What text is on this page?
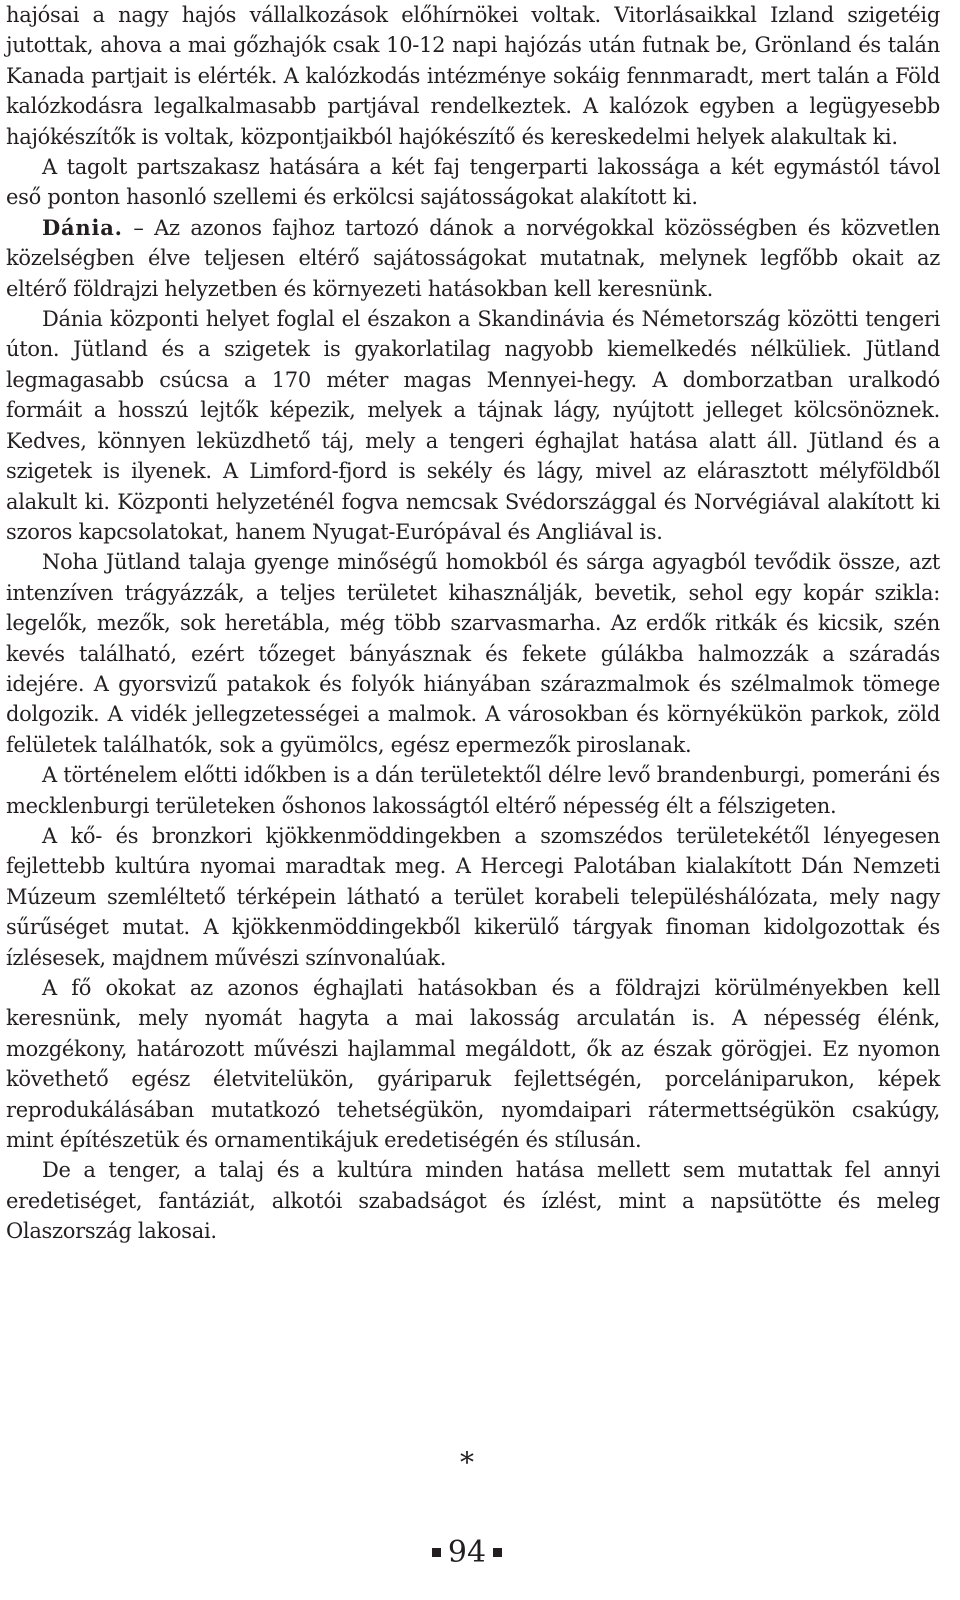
hajósai a nagy hajós vállalkozások előhírnökei voltak. Vitorlásaikkal Izland szigetéig jutottak, ahova a mai gőzhajók csak 10-12 napi hajózás után futnak be, Grönland és talán Kanada partjait is elérték. A kalózkodás intézménye sokáig fennmaradt, mert talán a Föld kalózkodásra legalkalmasabb partjával rendelkeztek. A kalózok egyben a legügyesebb hajókészítők is voltak, központjaikból hajókészítő és kereskedelmi helyek alakultak ki.

A tagolt partszakasz hatására a két faj tengerparti lakossága a két egymástól távol eső ponton hasonló szellemi és erkölcsi sajátosságokat alakított ki.

Dánia. – Az azonos fajhoz tartozó dánok a norvégokkal közösségben és közvetlen közelségben élve teljesen eltérő sajátosságokat mutatnak, melynek legfőbb okait az eltérő földrajzi helyzetben és környezeti hatásokban kell keresnünk.

Dánia központi helyet foglal el északon a Skandinávia és Németország közötti tengeri úton. Jütland és a szigetek is gyakorlatilag nagyobb kiemelkedés nélküliek. Jütland legmagasabb csúcsa a 170 méter magas Mennyei-hegy. A domborzatban uralkodó formáit a hosszú lejtők képezik, melyek a tájnak lágy, nyújtott jelleget kölcsönöznek. Kedves, könnyen leküzdhető táj, mely a tengeri éghajlat hatása alatt áll. Jütland és a szigetek is ilyenek. A Limford-fjord is sekély és lágy, mivel az elárasztott mélyföldből alakult ki. Központi helyzeténél fogva nemcsak Svédországgal és Norvégiával alakított ki szoros kapcsolatokat, hanem Nyugat-Európával és Angliával is.

Noha Jütland talaja gyenge minőségű homokból és sárga agyagból tevődik össze, azt intenzíven trágyázzák, a teljes területet kihasználják, bevetik, sehol egy kopár szikla: legelők, mezők, sok heretábla, még több szarvasmarha. Az erdők ritkák és kicsik, szén kevés található, ezért tőzeget bányásznak és fekete gúlákba halmozzák a száradás idejére. A gyorsvizű patakok és folyók hiányában szárazmalmok és szélmalmok tömege dolgozik. A vidék jellegzetességei a malmok. A városokban és környékükön parkok, zöld felületek találhatók, sok a gyümölcs, egész epermezők piroslanak.

A történelem előtti időkben is a dán területektől délre levő brandenburgi, pomeráni és mecklenburgi területeken őshonos lakosságtól eltérő népesség élt a félszigeten.

A kő- és bronzkori kjökkenmöddingekben a szomszédos területekétől lényegesen fejlettebb kultúra nyomai maradtak meg. A Hercegi Palotában kialakított Dán Nemzeti Múzeum szemléltető térképein látható a terület korabeli településhálózata, mely nagy sűrűséget mutat. A kjökkenmöddingekből kikerülő tárgyak finoman kidolgozottak és ízlésesek, majdnem művészi színvonalúak.

A fő okokat az azonos éghajlati hatásokban és a földrajzi körülményekben kell keresnünk, mely nyomát hagyta a mai lakosság arculatán is. A népesség élénk, mozgékony, határozott művészi hajlammal megáldott, ők az észak görögjei. Ez nyomon követhető egész életvitelükön, gyáriparuk fejlettségén, porcelániparukon, képek reprodukálásában mutatkozó tehetségükön, nyomdaipari rátermettségükön csakúgy, mint építészetük és ornamentikájuk eredetiségén és stílusán.

De a tenger, a talaj és a kultúra minden hatása mellett sem mutattak fel annyi eredetiséget, fantáziát, alkotói szabadságot és ízlést, mint a napsütötte és meleg Olaszország lakosai.

*
94
